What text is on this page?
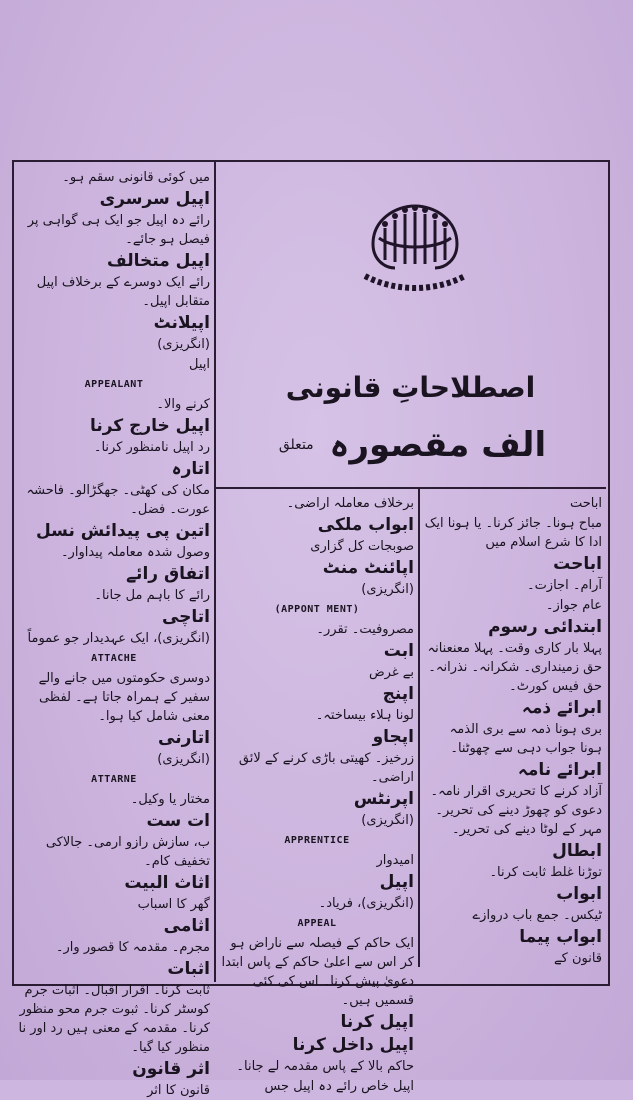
اصطلاحاتِ قانونی
الف مقصورہ $^{متعلق}$

میں کوئی قانونی سقم ہو۔

اپیل سرسری

رائے دہ اپیل جو ایک ہی گواہی پر فیصل ہو جائے۔

اپیل متخالف

رائے ایک دوسرے کے برخلاف اپیل متقابل اپیل۔

اپیلانٹ

(انگریزی)

اپیل

APPEALANT

کرنے والا۔

اپیل خارج کرنا

رد اپیل نامنظور کرنا۔

اتارہ

مکان کی کھٹی۔ جھگڑالو۔ فاحشہ عورت۔ فضل۔

اتین پی پیدائش نسل

وصول شدہ معاملہ پیداوار۔

اتفاق رائے

رائے کا باہم مل جانا۔

اتاچی

(انگریزی)، ایک عہدیدار جو عموماً

ATTACHE

دوسری حکومتوں میں جانے والے سفیر کے ہمراہ جاتا ہے۔ لفظی معنی شامل کیا ہوا۔

اتارنی

(انگریزی)

ATTARNE

مختار یا وکیل۔

ات ست

ب، سازش رازو ارمی۔ جالاکی تخفیف کام۔

اثاث البیت

گھر کا اسباب

اثامی

مجرم۔ مقدمہ کا قصور وار۔

اثبات

ثابت کرنا۔ اقرار اقبال۔ اثبات جرم کوسٹر کرنا۔ ثبوت جرم محو منظور کرنا۔ مقدمہ کے معنی ہیں رد اور نا منظور کیا گیا۔

اثر قانون

قانون کا اثر

برخلاف معاملہ اراضی۔

ابواب ملکی

صوبجات کل گزاری

اپائنٹ منٹ

(انگریزی)

(APPONT MENT)

مصروفیت۔ تقرر۔

ابت

بے غرض

اپنج

لونا ہلاء بیساختہ۔

اپجاو

زرخیز۔ کھیتی باڑی کرنے کے لائق اراضی۔

اپرنٹس

(انگریزی)

APPRENTICE

امیدوار

اپیل

(انگریزی)، فریاد۔

APPEAL

ایک حاکم کے فیصلہ سے ناراض ہو کر اس سے اعلیٰ حاکم کے پاس ابتدا دعویٰ پیش کرنا۔ اس کی کئی قسمیں ہیں۔

اپیل کرنا

اپیل داخل کرنا

حاکم بالا کے پاس مقدمہ لے جانا۔

اپیل خاص رائے دہ اپیل جس

اباحت

مباح ہونا۔ جائز کرنا۔ یا ہونا ایک ادا کا شرع اسلام میں

اباحت

آرام۔ اجازت۔

عام جواز۔

ابتدائی رسوم

پہلا بار کاری وقت۔ پہلا معنعنانہ حق زمینداری۔ شکرانہ۔ نذرانہ۔ حق فیس کورٹ۔

ابرائے ذمہ

بری ہونا ذمہ سے بری الذمہ ہونا جواب دہی سے چھوٹنا۔

ابرائے نامہ

آزاد کرنے کا تحریری اقرار نامہ۔ دعوی کو چھوڑ دینے کی تحریر۔ مہر کے لوٹا دینے کی تحریر۔

ابطال

توڑنا غلط ثابت کرنا۔

ابواب

ٹیکس۔ جمع باب دروازے

ابواب پیما

قانون کے
